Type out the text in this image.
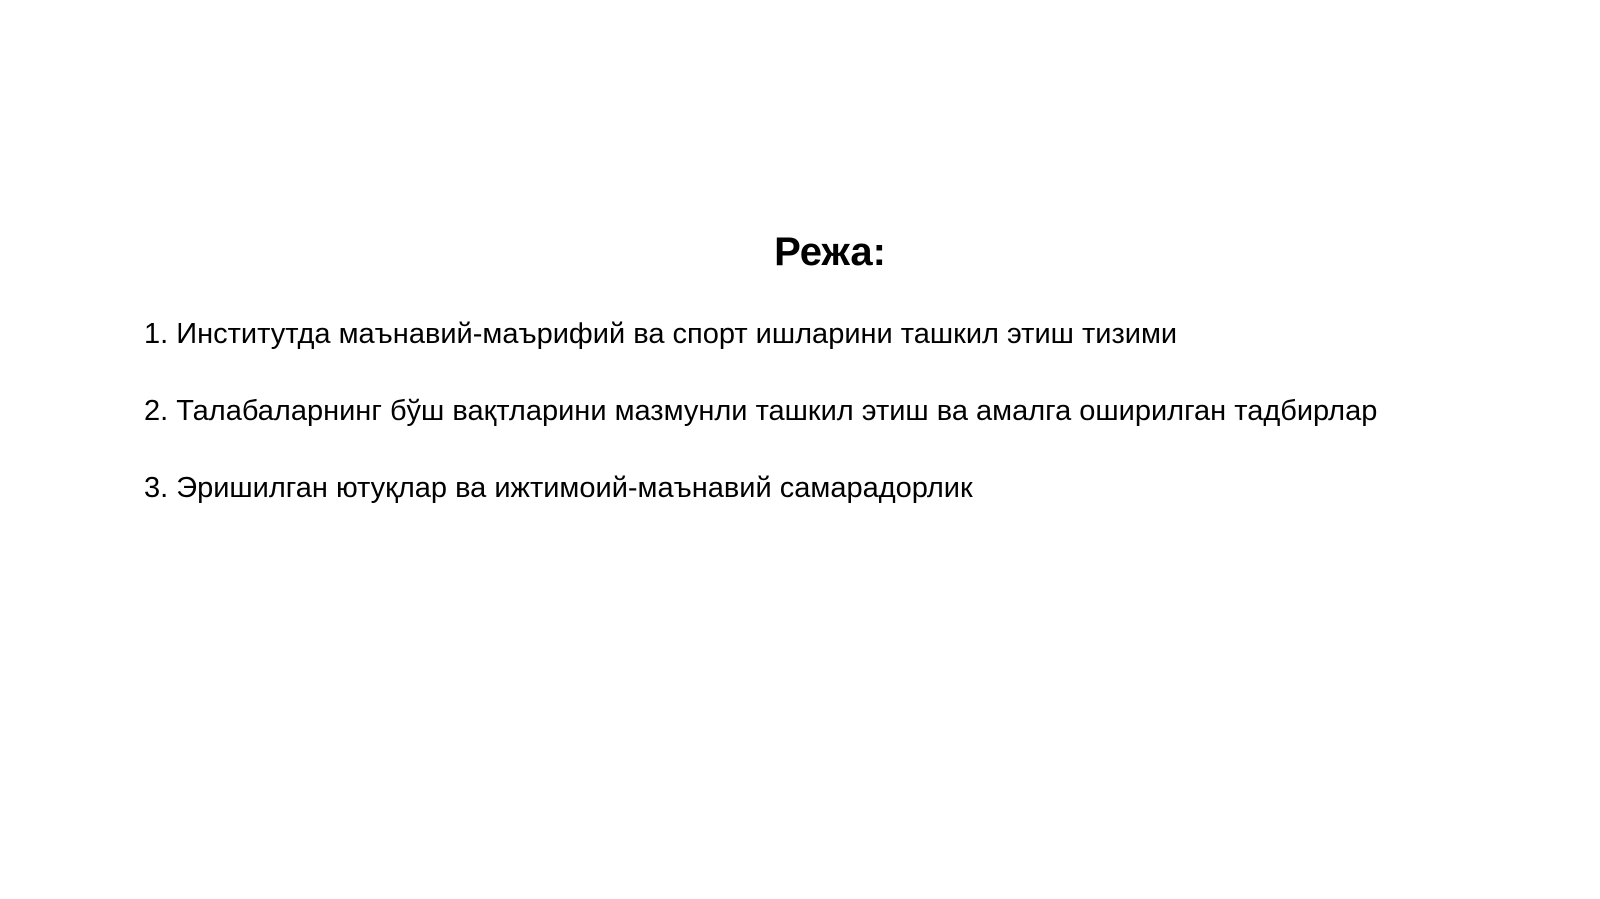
Режа:
1. Институтда маънавий-маърифий ва спорт ишларини ташкил этиш тизими
2. Талабаларнинг бўш вақтларини мазмунли ташкил этиш ва амалга оширилган тадбирлар
3. Эришилган ютуқлар ва ижтимоий-маънавий самарадорлик
